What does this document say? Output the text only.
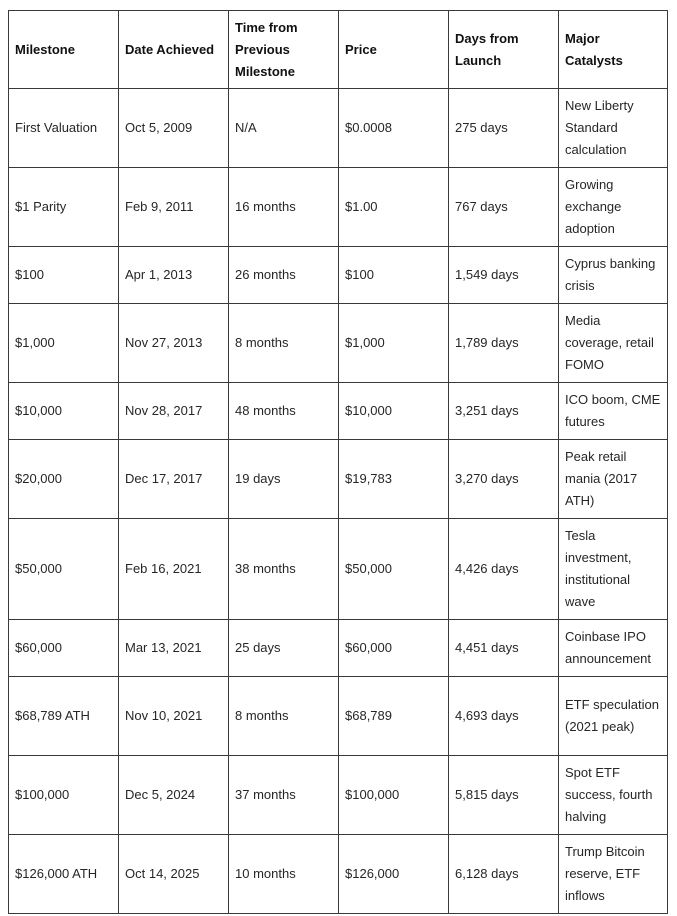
Milestone	Date Achieved	Time from Previous Milestone	Price	Days from Launch	Major Catalysts
First Valuation	Oct 5, 2009	N/A	$0.0008	275 days	New Liberty Standard calculation
$1 Parity	Feb 9, 2011	16 months	$1.00	767 days	Growing exchange adoption
$100	Apr 1, 2013	26 months	$100	1,549 days	Cyprus banking crisis
$1,000	Nov 27, 2013	8 months	$1,000	1,789 days	Media coverage, retail FOMO
$10,000	Nov 28, 2017	48 months	$10,000	3,251 days	ICO boom, CME futures
$20,000	Dec 17, 2017	19 days	$19,783	3,270 days	Peak retail mania (2017 ATH)
$50,000	Feb 16, 2021	38 months	$50,000	4,426 days	Tesla investment, institutional wave
$60,000	Mar 13, 2021	25 days	$60,000	4,451 days	Coinbase IPO announcement
$68,789 ATH	Nov 10, 2021	8 months	$68,789	4,693 days	ETF speculation (2021 peak)
$100,000	Dec 5, 2024	37 months	$100,000	5,815 days	Spot ETF success, fourth halving
$126,000 ATH	Oct 14, 2025	10 months	$126,000	6,128 days	Trump Bitcoin reserve, ETF inflows
